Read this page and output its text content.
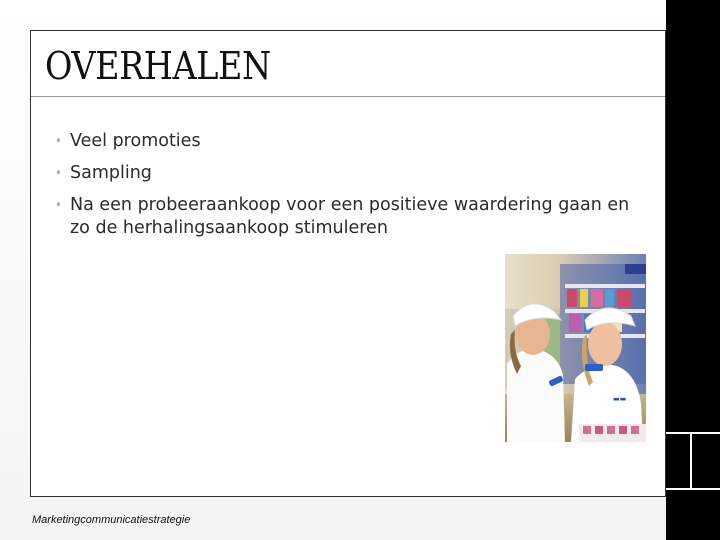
OVERHALEN
• Veel promoties
• Sampling
• Na een probeeraankoop voor een positieve waardering gaan en zo de herhalingsaankoop stimuleren
▬▬
Marketingcommunicatiestrategie
